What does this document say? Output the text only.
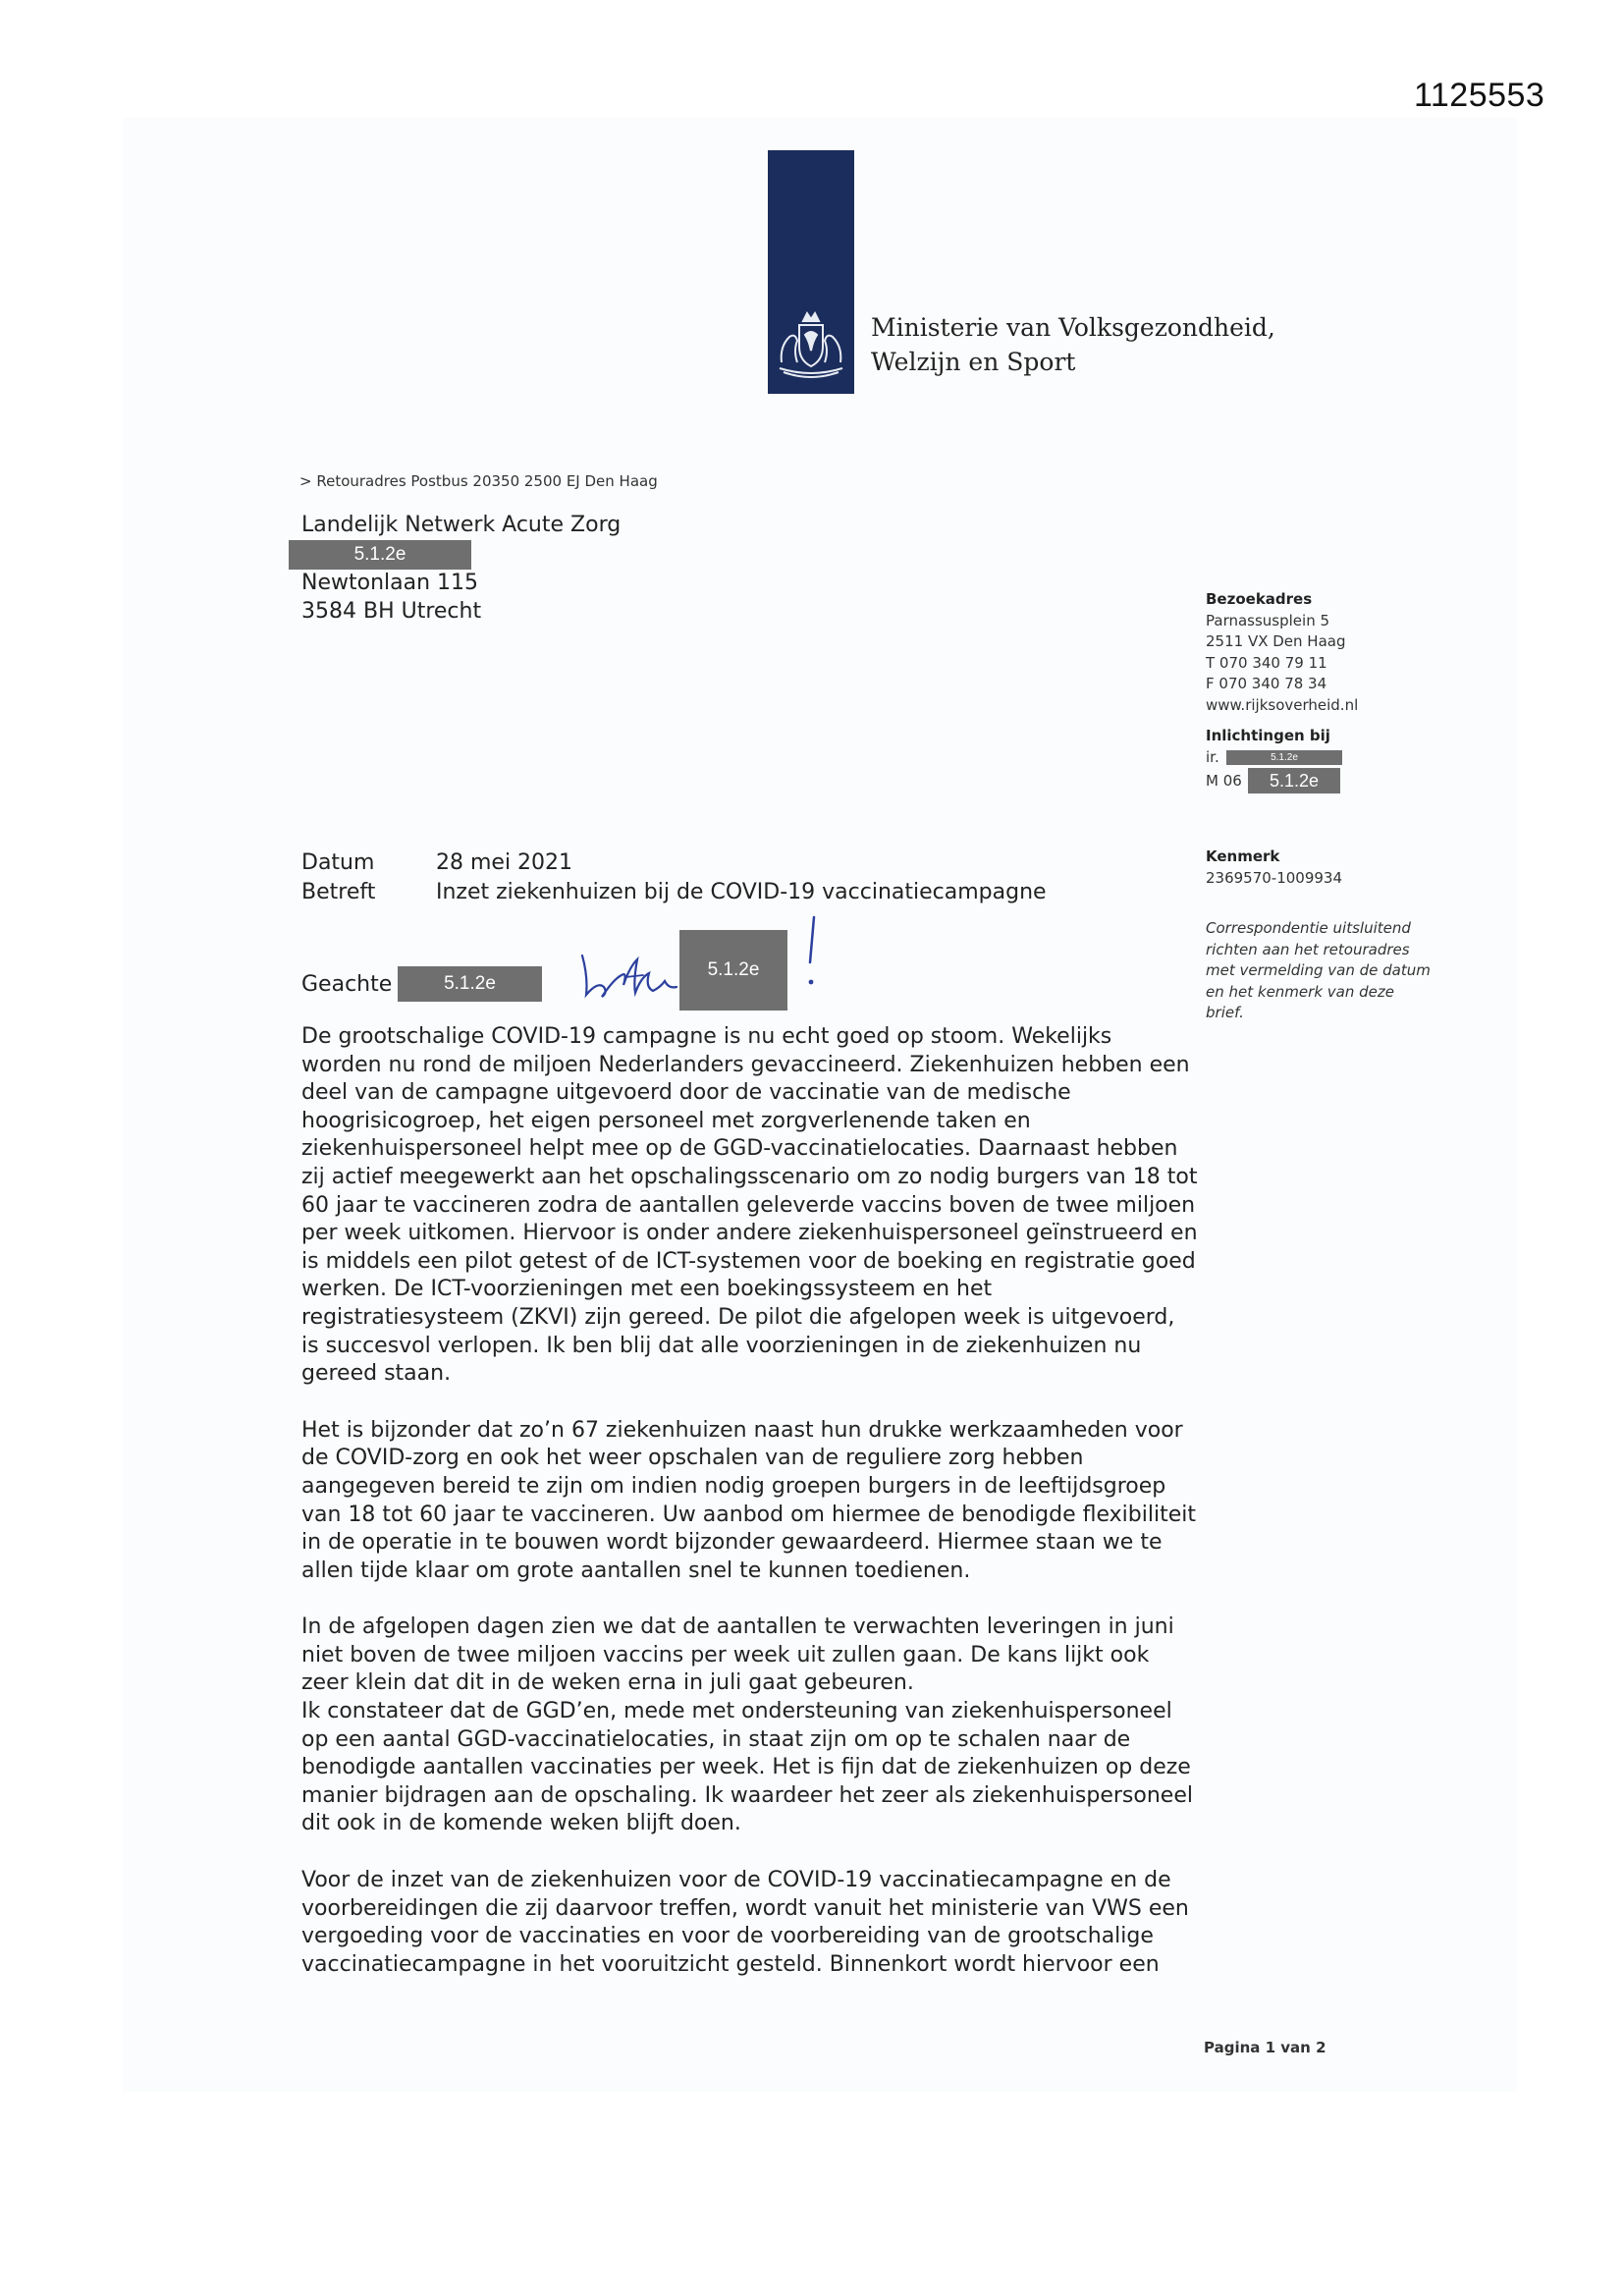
1125553
Ministerie van Volksgezondheid,
Welzijn en Sport
> Retouradres Postbus 20350 2500 EJ Den Haag
Landelijk Netwerk Acute Zorg
5.1.2e
Newtonlaan 115
3584 BH Utrecht	Bezoekadres
Parnassusplein 5
2511 VX Den Haag
T 070 340 79 11
F 070 340 78 34
www.rijksoverheid.nl
Inlichtingen bij
ir.	5.1.2e
M 06	5.1.2e
Kenmerk
2369570-1009934
Correspondentie uitsluitend richten aan het retouradres met vermelding van de datum en het kenmerk van deze brief.
Datum	28 mei 2021
Betreft	Inzet ziekenhuizen bij de COVID-19 vaccinatiecampagne
Geachte	5.1.2e
5.1.2e
De grootschalige COVID-19 campagne is nu echt goed op stoom. Wekelijks
worden nu rond de miljoen Nederlanders gevaccineerd. Ziekenhuizen hebben een
deel van de campagne uitgevoerd door de vaccinatie van de medische
hoogrisicogroep, het eigen personeel met zorgverlenende taken en
ziekenhuispersoneel helpt mee op de GGD-vaccinatielocaties. Daarnaast hebben
zij actief meegewerkt aan het opschalingsscenario om zo nodig burgers van 18 tot
60 jaar te vaccineren zodra de aantallen geleverde vaccins boven de twee miljoen
per week uitkomen. Hiervoor is onder andere ziekenhuispersoneel geïnstrueerd en
is middels een pilot getest of de ICT-systemen voor de boeking en registratie goed
werken. De ICT-voorzieningen met een boekingssysteem en het
registratiesysteem (ZKVI) zijn gereed. De pilot die afgelopen week is uitgevoerd,
is succesvol verlopen. Ik ben blij dat alle voorzieningen in de ziekenhuizen nu
gereed staan.
Het is bijzonder dat zo’n 67 ziekenhuizen naast hun drukke werkzaamheden voor
de COVID-zorg en ook het weer opschalen van de reguliere zorg hebben
aangegeven bereid te zijn om indien nodig groepen burgers in de leeftijdsgroep
van 18 tot 60 jaar te vaccineren. Uw aanbod om hiermee de benodigde flexibiliteit
in de operatie in te bouwen wordt bijzonder gewaardeerd. Hiermee staan we te
allen tijde klaar om grote aantallen snel te kunnen toedienen.
In de afgelopen dagen zien we dat de aantallen te verwachten leveringen in juni
niet boven de twee miljoen vaccins per week uit zullen gaan. De kans lijkt ook
zeer klein dat dit in de weken erna in juli gaat gebeuren.
Ik constateer dat de GGD’en, mede met ondersteuning van ziekenhuispersoneel
op een aantal GGD-vaccinatielocaties, in staat zijn om op te schalen naar de
benodigde aantallen vaccinaties per week. Het is fijn dat de ziekenhuizen op deze
manier bijdragen aan de opschaling. Ik waardeer het zeer als ziekenhuispersoneel
dit ook in de komende weken blijft doen.
Voor de inzet van de ziekenhuizen voor de COVID-19 vaccinatiecampagne en de
voorbereidingen die zij daarvoor treffen, wordt vanuit het ministerie van VWS een
vergoeding voor de vaccinaties en voor de voorbereiding van de grootschalige
vaccinatiecampagne in het vooruitzicht gesteld. Binnenkort wordt hiervoor een
Pagina 1 van 2
